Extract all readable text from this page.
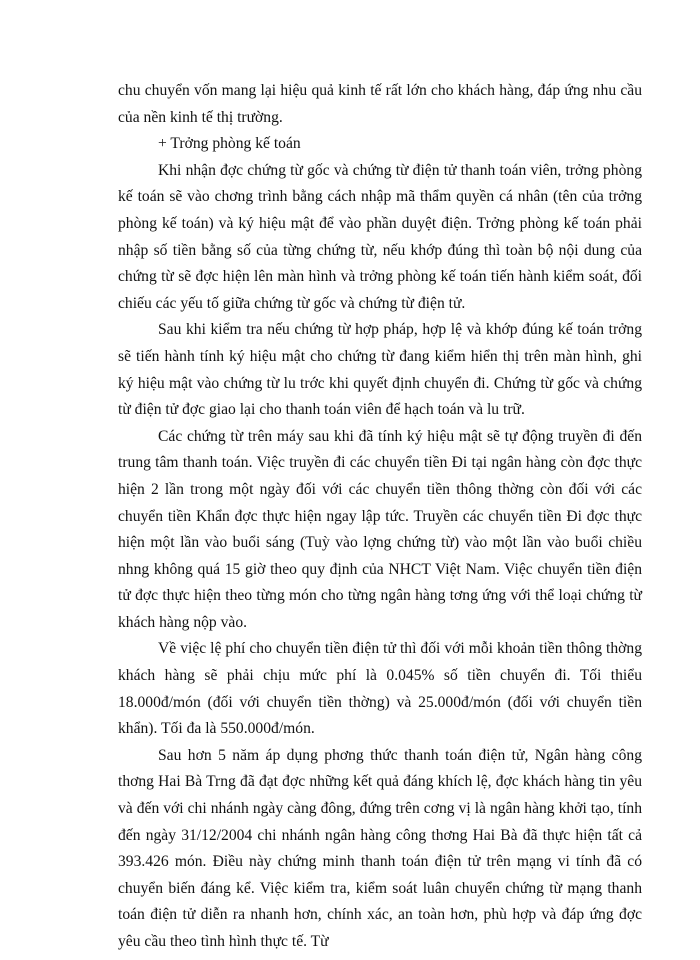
chu chuyển vốn mang lại hiệu quả kinh tế rất lớn cho khách hàng, đáp ứng nhu cầu của nền kinh tế thị trường.

+ Trởng phòng kế toán

Khi nhận đợc chứng từ gốc và chứng từ điện tử thanh toán viên, trởng phòng kế toán sẽ vào chơng trình bằng cách nhập mã thẩm quyền cá nhân (tên của trởng phòng kế toán) và ký hiệu mật để vào phần duyệt điện. Trởng phòng kế toán phải nhập số tiền bằng số của từng chứng từ, nếu khớp đúng thì toàn bộ nội dung của chứng từ sẽ đợc hiện lên màn hình và trởng phòng kế toán tiến hành kiểm soát, đối chiếu các yếu tố giữa chứng từ gốc và chứng từ điện tử.

Sau khi kiểm tra nếu chứng từ hợp pháp, hợp lệ và khớp đúng kế toán trởng sẽ tiến hành tính ký hiệu mật cho chứng từ đang kiểm hiển thị trên màn hình, ghi ký hiệu mật vào chứng từ lu trớc khi quyết định chuyển đi. Chứng từ gốc và chứng từ điện tử đợc giao lại cho thanh toán viên để hạch toán và lu trữ.

Các chứng từ trên máy sau khi đã tính ký hiệu mật sẽ tự động truyền đi đến trung tâm thanh toán. Việc truyền đi các chuyển tiền Đi tại ngân hàng còn đợc thực hiện 2 lần trong một ngày đối với các chuyển tiền thông thờng còn đối với các chuyển tiền Khẩn đợc thực hiện ngay lập tức. Truyền các chuyển tiền Đi đợc thực hiện một lần vào buổi sáng (Tuỳ vào lợng chứng từ) vào một lần vào buổi chiều nhng không quá 15 giờ theo quy định của NHCT Việt Nam. Việc chuyển tiền điện tử đợc thực hiện theo từng món cho từng ngân hàng tơng ứng với thể loại chứng từ khách hàng nộp vào.

Về việc lệ phí cho chuyển tiền điện tử thì đối với mỗi khoản tiền thông thờng khách hàng sẽ phải chịu mức phí là 0.045% số tiền chuyển đi. Tối thiểu 18.000đ/món (đối với chuyển tiền thờng) và 25.000đ/món (đối với chuyển tiền khẩn). Tối đa là 550.000đ/món.

Sau hơn 5 năm áp dụng phơng thức thanh toán điện tử, Ngân hàng công thơng Hai Bà Trng đã đạt đợc những kết quả đáng khích lệ, đợc khách hàng tin yêu và đến với chi nhánh ngày càng đông, đứng trên cơng vị là ngân hàng khởi tạo, tính đến ngày 31/12/2004 chi nhánh ngân hàng công thơng Hai Bà đã thực hiện tất cả 393.426 món. Điều này chứng minh thanh toán điện tử trên mạng vi tính đã có chuyển biến đáng kể. Việc kiểm tra, kiểm soát luân chuyển chứng từ mạng thanh toán điện tử diễn ra nhanh hơn, chính xác, an toàn hơn, phù hợp và đáp ứng đợc yêu cầu theo tình hình thực tế. Từ
